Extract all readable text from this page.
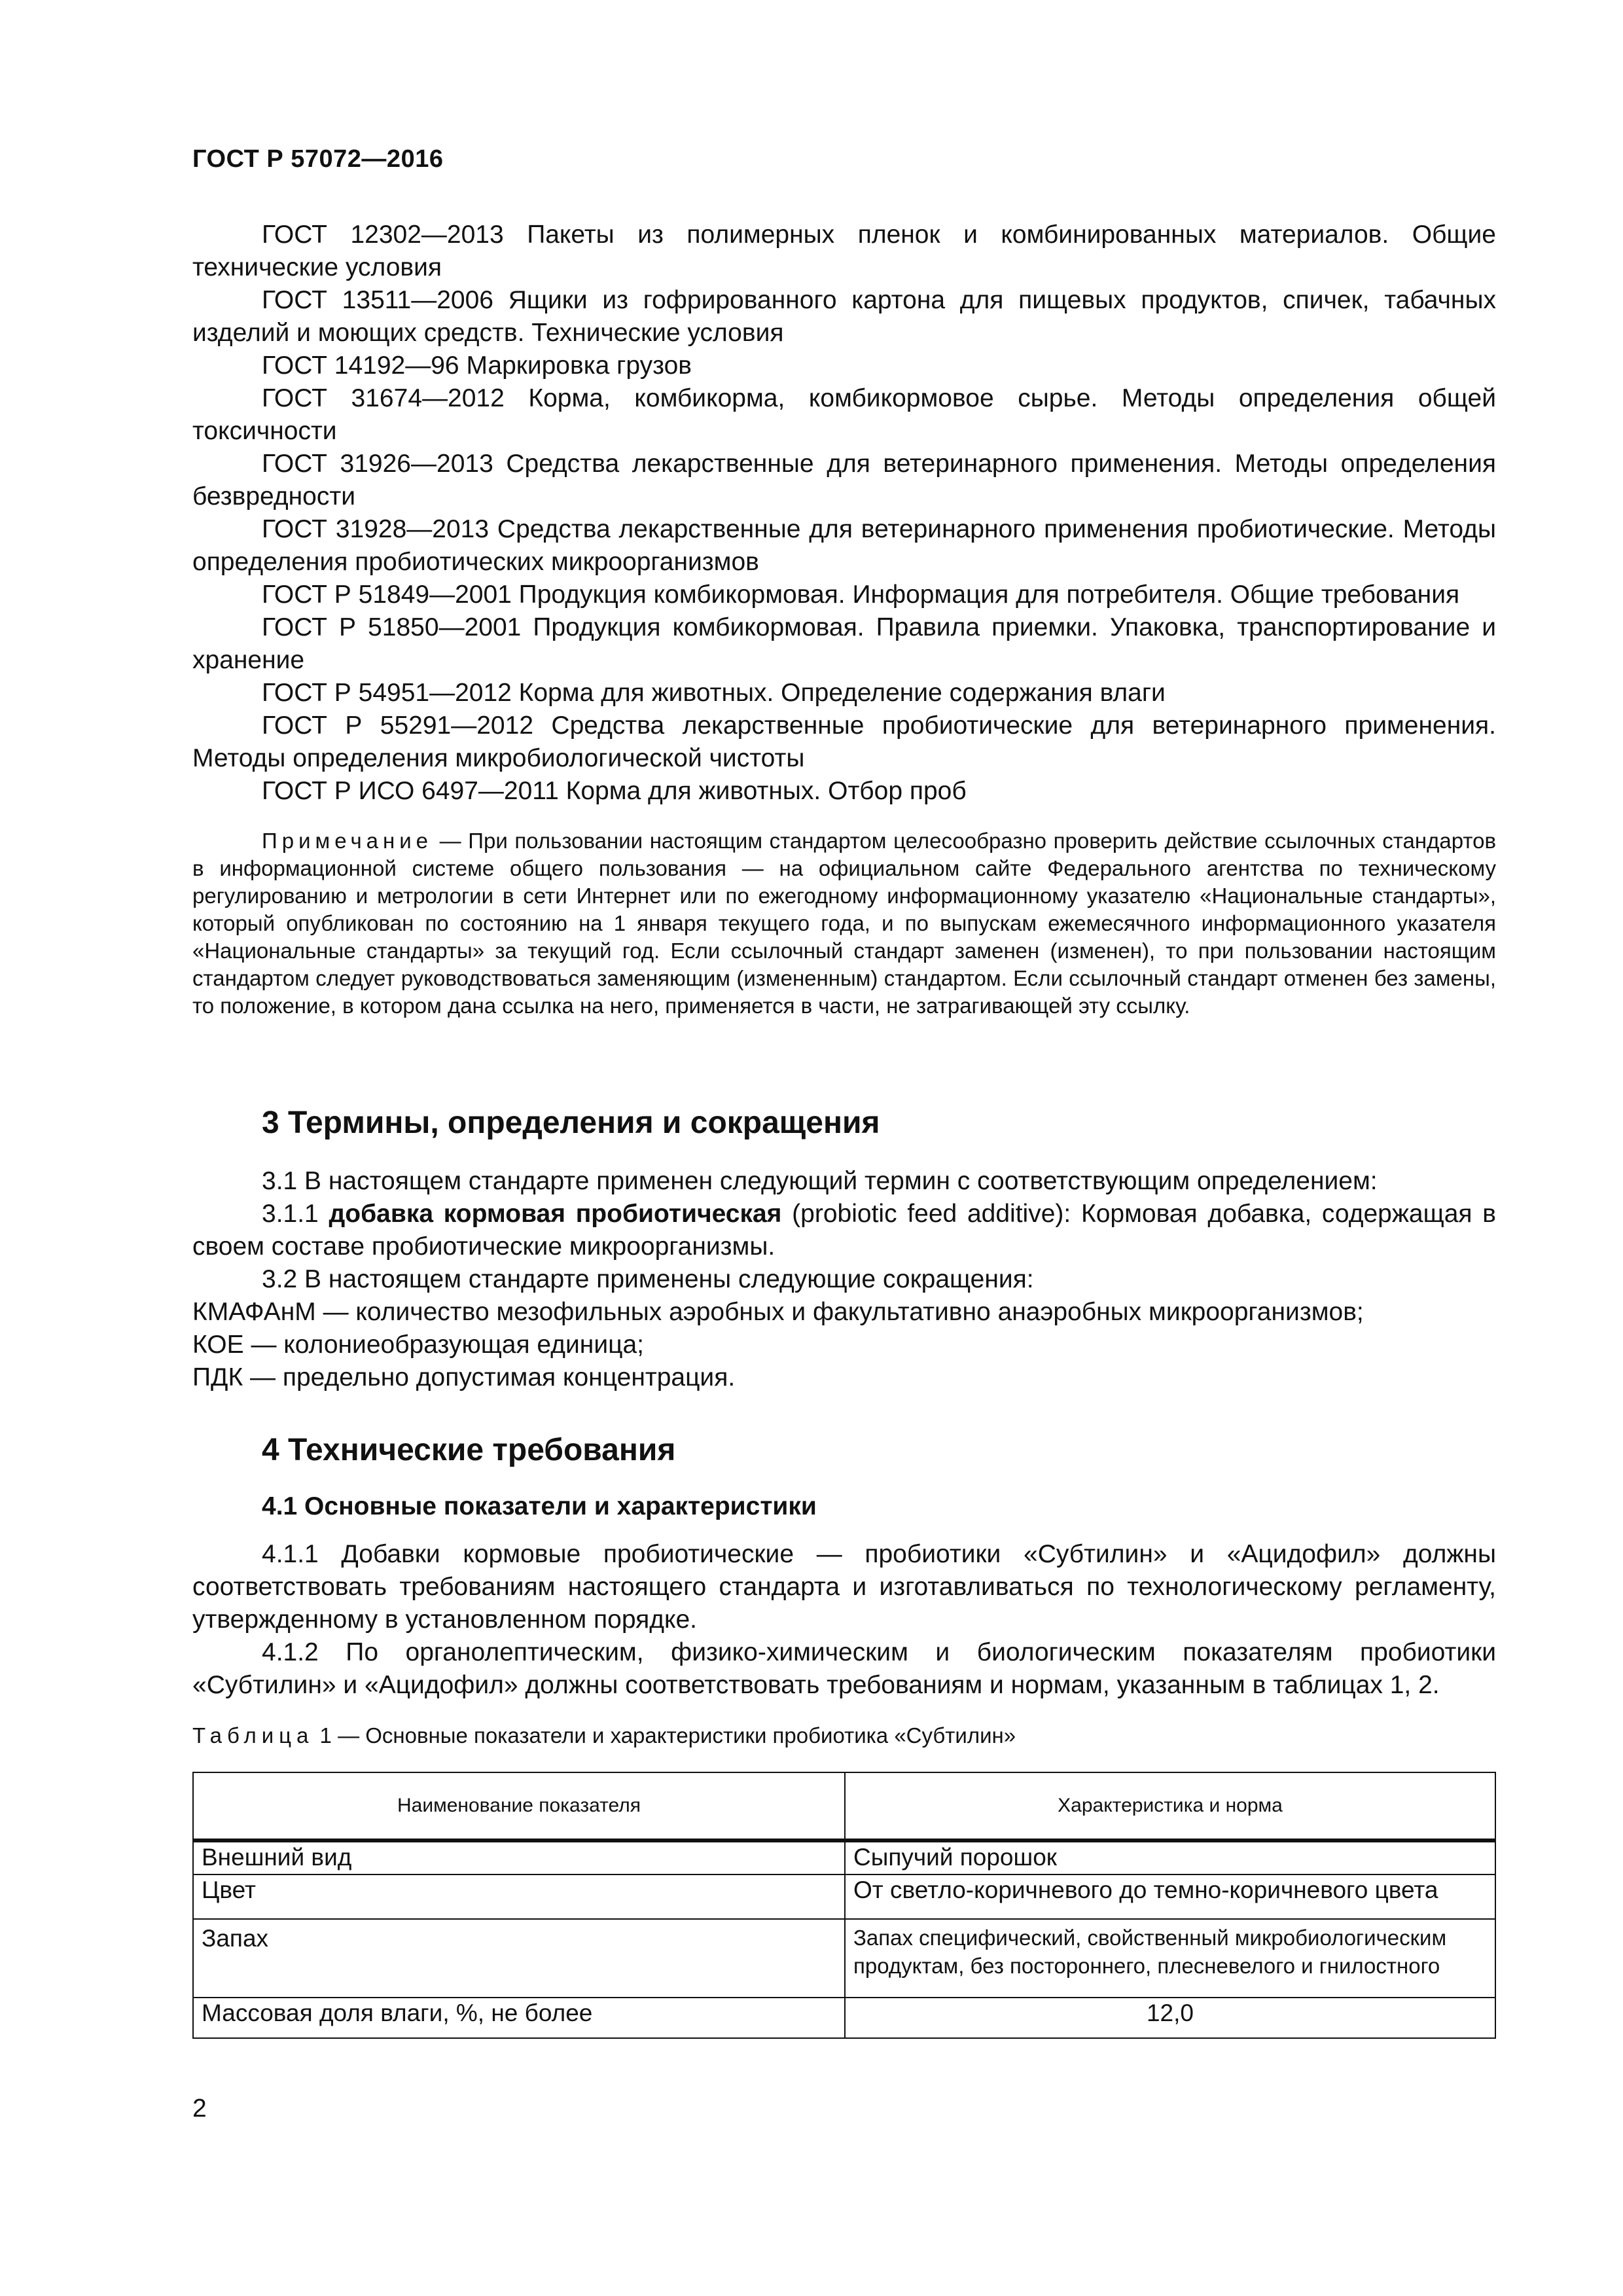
ГОСТ Р 57072—2016

ГОСТ 12302—2013 Пакеты из полимерных пленок и комбинированных материалов. Общие технические условия

ГОСТ 13511—2006 Ящики из гофрированного картона для пищевых продуктов, спичек, табачных изделий и моющих средств. Технические условия

ГОСТ 14192—96 Маркировка грузов

ГОСТ 31674—2012 Корма, комбикорма, комбикормовое сырье. Методы определения общей токсичности

ГОСТ 31926—2013 Средства лекарственные для ветеринарного применения. Методы определения безвредности

ГОСТ 31928—2013 Средства лекарственные для ветеринарного применения пробиотические. Методы определения пробиотических микроорганизмов

ГОСТ Р 51849—2001 Продукция комбикормовая. Информация для потребителя. Общие требования

ГОСТ Р 51850—2001 Продукция комбикормовая. Правила приемки. Упаковка, транспортирование и хранение

ГОСТ Р 54951—2012 Корма для животных. Определение содержания влаги

ГОСТ Р 55291—2012 Средства лекарственные пробиотические для ветеринарного применения. Методы определения микробиологической чистоты

ГОСТ Р ИСО 6497—2011 Корма для животных. Отбор проб

Примечание — При пользовании настоящим стандартом целесообразно проверить действие ссылочных стандартов в информационной системе общего пользования — на официальном сайте Федерального агентства по техническому регулированию и метрологии в сети Интернет или по ежегодному информационному указателю «Национальные стандарты», который опубликован по состоянию на 1 января текущего года, и по выпускам ежемесячного информационного указателя «Национальные стандарты» за текущий год. Если ссылочный стандарт заменен (изменен), то при пользовании настоящим стандартом следует руководствоваться заменяющим (измененным) стандартом. Если ссылочный стандарт отменен без замены, то положение, в котором дана ссылка на него, применяется в части, не затрагивающей эту ссылку.

3 Термины, определения и сокращения

3.1 В настоящем стандарте применен следующий термин с соответствующим определением:

3.1.1 добавка кормовая пробиотическая (probiotic feed additive): Кормовая добавка, содержащая в своем составе пробиотические микроорганизмы.

3.2 В настоящем стандарте применены следующие сокращения:

КМАФАнМ — количество мезофильных аэробных и факультативно анаэробных микроорганизмов;

КОЕ — колониеобразующая единица;

ПДК — предельно допустимая концентрация.

4 Технические требования
4.1 Основные показатели и характеристики

4.1.1 Добавки кормовые пробиотические — пробиотики «Субтилин» и «Ацидофил» должны соответствовать требованиям настоящего стандарта и изготавливаться по технологическому регламенту, утвержденному в установленном порядке.

4.1.2 По органолептическим, физико-химическим и биологическим показателям пробиотики «Субтилин» и «Ацидофил» должны соответствовать требованиям и нормам, указанным в таблицах 1, 2.

Таблица 1 — Основные показатели и характеристики пробиотика «Субтилин»
Наименование показателя	Характеристика и норма
Внешний вид	Сыпучий порошок
Цвет	От светло-коричневого до темно-коричневого цвета
Запах	Запах специфический, свойственный микробиологическим продуктам, без постороннего, плесневелого и гнилостного
Массовая доля влаги, %, не более	12,0
2
